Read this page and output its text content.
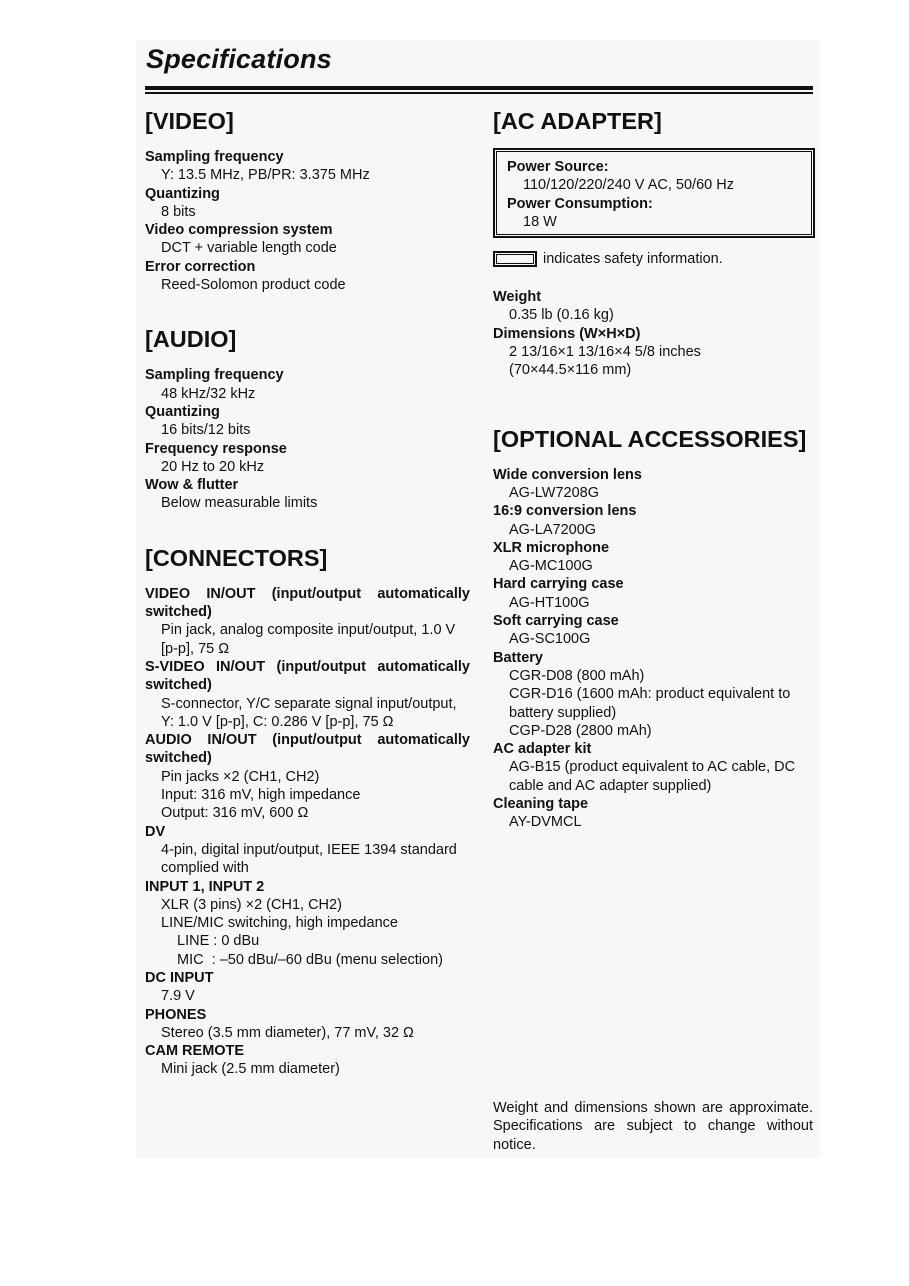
Specifications
[VIDEO]
Sampling frequency
Y: 13.5 MHz, PB/PR: 3.375 MHz
Quantizing
8 bits
Video compression system
DCT + variable length code
Error correction
Reed-Solomon product code
[AUDIO]
Sampling frequency
48 kHz/32 kHz
Quantizing
16 bits/12 bits
Frequency response
20 Hz to 20 kHz
Wow & flutter
Below measurable limits
[CONNECTORS]
VIDEO IN/OUT (input/output automatically switched)
Pin jack, analog composite input/output, 1.0 V [p-p], 75 Ω
S-VIDEO IN/OUT (input/output automatically switched)
S-connector, Y/C separate signal input/output, Y: 1.0 V [p-p], C: 0.286 V [p-p], 75 Ω
AUDIO IN/OUT (input/output automatically switched)
Pin jacks ×2 (CH1, CH2)
Input: 316 mV, high impedance
Output: 316 mV, 600 Ω
DV
4-pin, digital input/output, IEEE 1394 standard complied with
INPUT 1, INPUT 2
XLR (3 pins) ×2 (CH1, CH2)
LINE/MIC switching, high impedance
LINE : 0 dBu
MIC  : –50 dBu/–60 dBu (menu selection)
DC INPUT
7.9 V
PHONES
Stereo (3.5 mm diameter), 77 mV, 32 Ω
CAM REMOTE
Mini jack (2.5 mm diameter)
[AC ADAPTER]
Power Source:
110/120/220/240 V AC, 50/60 Hz
Power Consumption:
18 W
indicates safety information.
Weight
0.35 lb (0.16 kg)
Dimensions (W×H×D)
2 13/16×1 13/16×4 5/8 inches
(70×44.5×116 mm)
[OPTIONAL ACCESSORIES]
Wide conversion lens
AG-LW7208G
16:9 conversion lens
AG-LA7200G
XLR microphone
AG-MC100G
Hard carrying case
AG-HT100G
Soft carrying case
AG-SC100G
Battery
CGR-D08 (800 mAh)
CGR-D16 (1600 mAh: product equivalent to battery supplied)
CGP-D28 (2800 mAh)
AC adapter kit
AG-B15 (product equivalent to AC cable, DC cable and AC adapter supplied)
Cleaning tape
AY-DVMCL
Weight and dimensions shown are approximate. Specifications are subject to change without notice.
